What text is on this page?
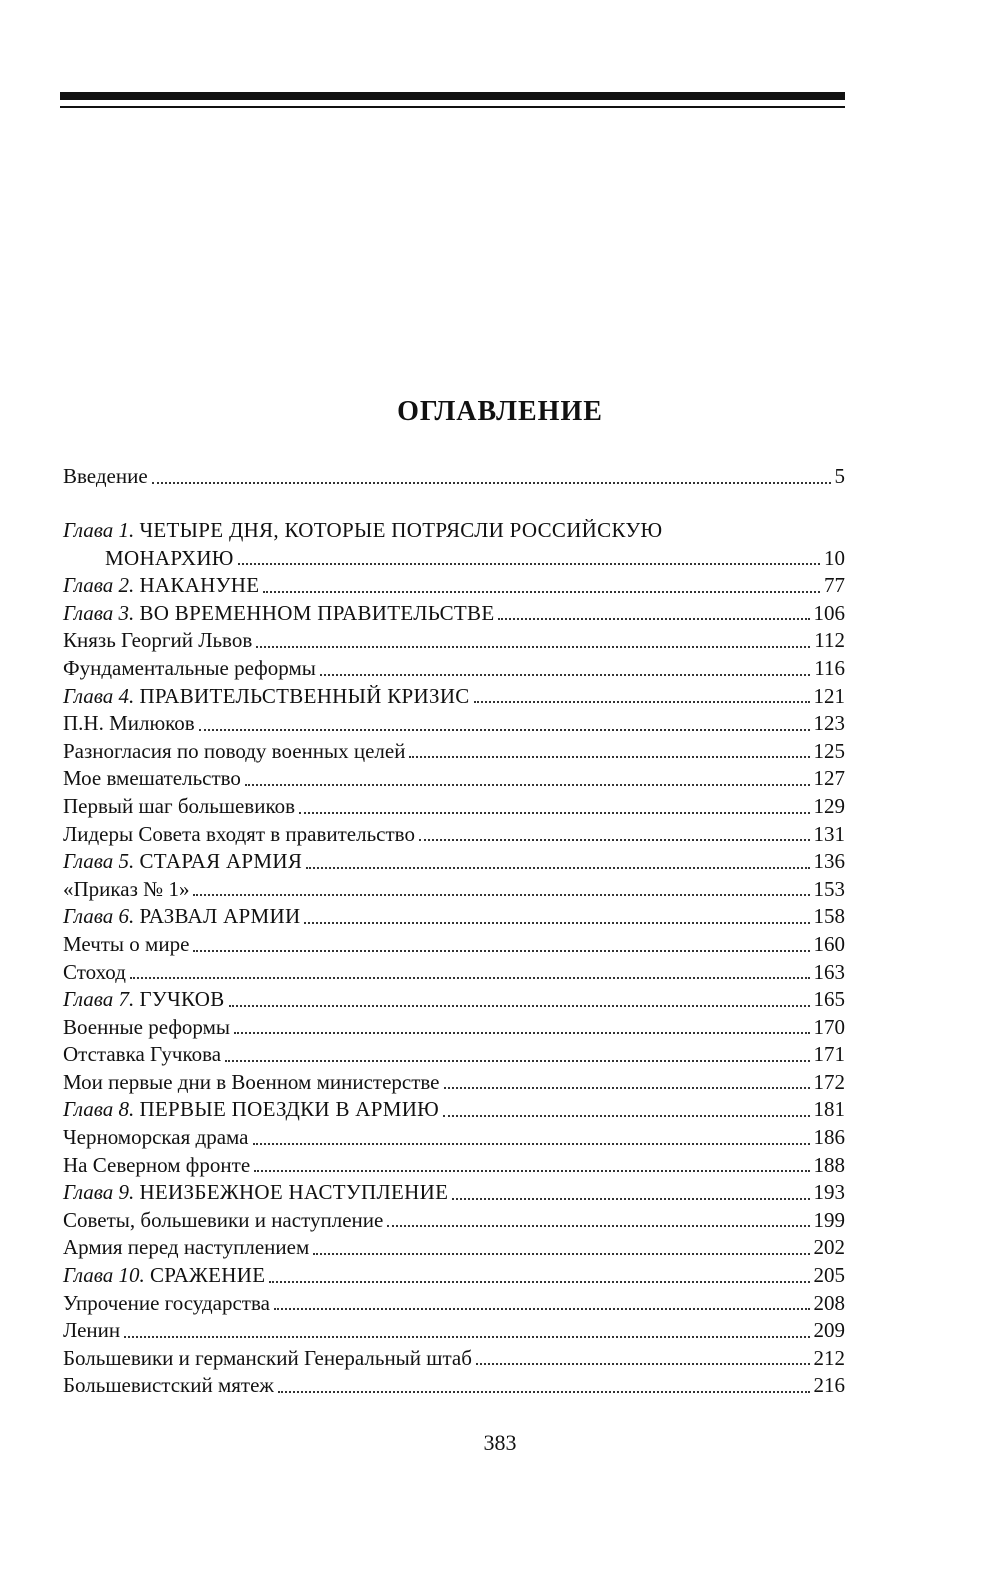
ОГЛАВЛЕНИЕ
Введение	5
Глава 1. ЧЕТЫРЕ ДНЯ, КОТОРЫЕ ПОТРЯСЛИ РОССИЙСКУЮ
МОНАРХИЮ	10
Глава 2. НАКАНУНЕ	77
Глава 3. ВО ВРЕМЕННОМ ПРАВИТЕЛЬСТВЕ	106
Князь Георгий Львов	112
Фундаментальные реформы	116
Глава 4. ПРАВИТЕЛЬСТВЕННЫЙ КРИЗИС	121
П.Н. Милюков	123
Разногласия по поводу военных целей	125
Мое вмешательство	127
Первый шаг большевиков	129
Лидеры Совета входят в правительство	131
Глава 5. СТАРАЯ АРМИЯ	136
«Приказ № 1»	153
Глава 6. РАЗВАЛ АРМИИ	158
Мечты о мире	160
Стоход	163
Глава 7. ГУЧКОВ	165
Военные реформы	170
Отставка Гучкова	171
Мои первые дни в Военном министерстве	172
Глава 8. ПЕРВЫЕ ПОЕЗДКИ В АРМИЮ	181
Черноморская драма	186
На Северном фронте	188
Глава 9. НЕИЗБЕЖНОЕ НАСТУПЛЕНИЕ	193
Советы, большевики и наступление	199
Армия перед наступлением	202
Глава 10. СРАЖЕНИЕ	205
Упрочение государства	208
Ленин	209
Большевики и германский Генеральный штаб	212
Большевистский мятеж	216
383
